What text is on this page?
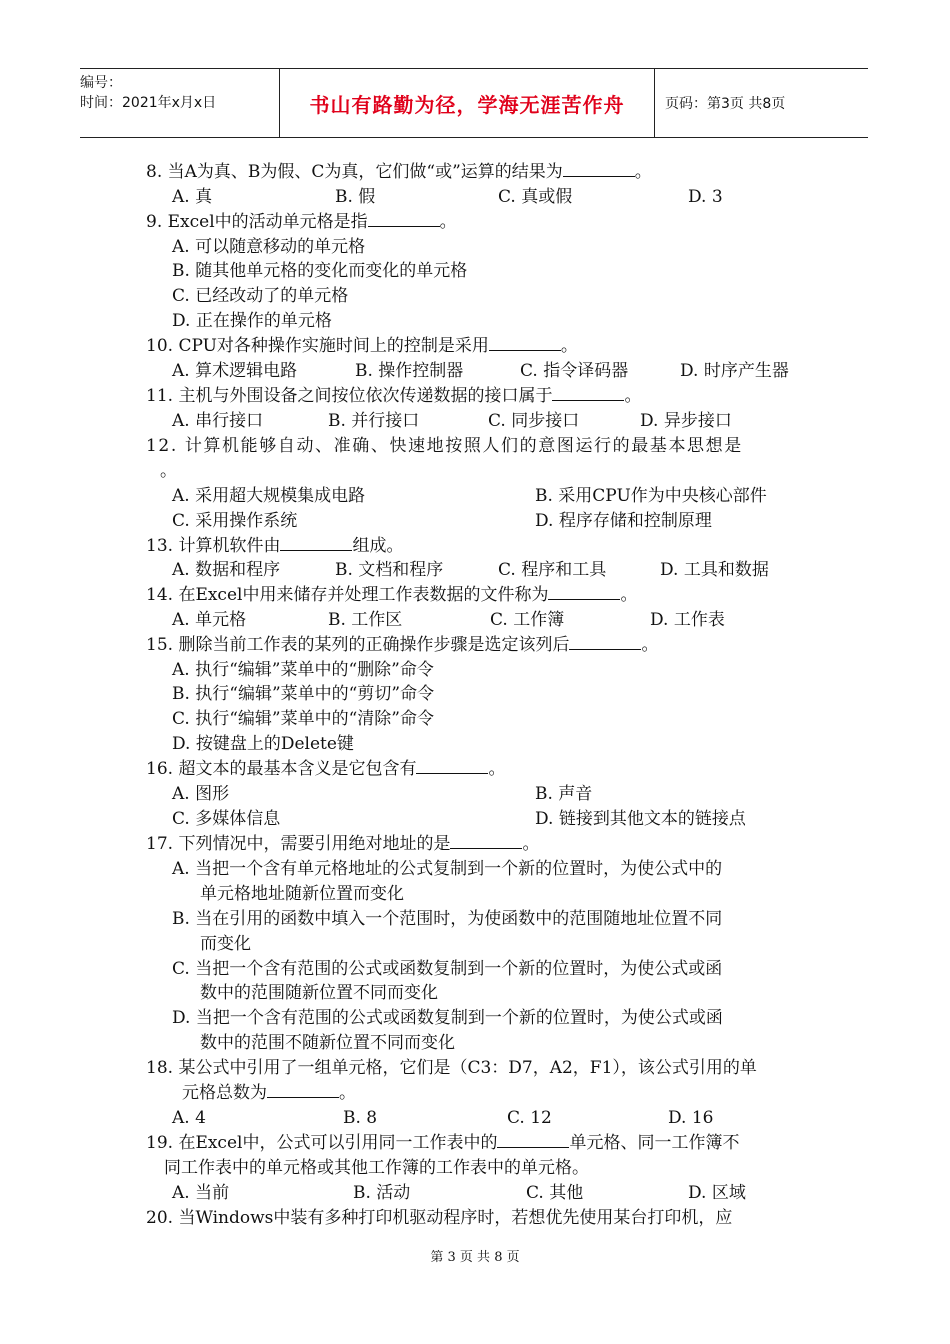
编号：
时间：2021年x月x日	书山有路勤为径，学海无涯苦作舟	页码：第3页 共8页
8. 当A为真、B为假、C为真，它们做“或”运算的结果为	。
A. 真	B. 假	C. 真或假	D. 3
9. Excel中的活动单元格是指	。
A. 可以随意移动的单元格
B. 随其他单元格的变化而变化的单元格
C. 已经改动了的单元格
D. 正在操作的单元格
10. CPU对各种操作实施时间上的控制是采用	。
A. 算术逻辑电路	B. 操作控制器	C. 指令译码器	D. 时序产生器
11. 主机与外围设备之间按位依次传递数据的接口属于	。
A. 串行接口	B. 并行接口	C. 同步接口	D. 异步接口
12. 计算机能够自动、准确、快速地按照人们的意图运行的最基本思想是
。
A. 采用超大规模集成电路	B. 采用CPU作为中央核心部件
C. 采用操作系统	D. 程序存储和控制原理
13. 计算机软件由	组成。
A. 数据和程序	B. 文档和程序	C. 程序和工具	D. 工具和数据
14. 在Excel中用来储存并处理工作表数据的文件称为	。
A. 单元格	B. 工作区	C. 工作簿	D. 工作表
15. 删除当前工作表的某列的正确操作步骤是选定该列后	。
A. 执行“编辑”菜单中的“删除”命令
B. 执行“编辑”菜单中的“剪切”命令
C. 执行“编辑”菜单中的“清除”命令
D. 按键盘上的Delete键
16. 超文本的最基本含义是它包含有	。
A. 图形	B. 声音
C. 多媒体信息	D. 链接到其他文本的链接点
17. 下列情况中，需要引用绝对地址的是	。
A. 当把一个含有单元格地址的公式复制到一个新的位置时，为使公式中的
单元格地址随新位置而变化
B. 当在引用的函数中填入一个范围时，为使函数中的范围随地址位置不同
而变化
C. 当把一个含有范围的公式或函数复制到一个新的位置时，为使公式或函
数中的范围随新位置不同而变化
D. 当把一个含有范围的公式或函数复制到一个新的位置时，为使公式或函
数中的范围不随新位置不同而变化
18. 某公式中引用了一组单元格，它们是（C3：D7，A2，F1），该公式引用的单
元格总数为	。
A. 4	B. 8	C. 12	D. 16
19. 在Excel中，公式可以引用同一工作表中的	单元格、同一工作簿不
同工作表中的单元格或其他工作簿的工作表中的单元格。
A. 当前	B. 活动	C. 其他	D. 区域
20. 当Windows中装有多种打印机驱动程序时，若想优先使用某台打印机，应
第 3 页 共 8 页
